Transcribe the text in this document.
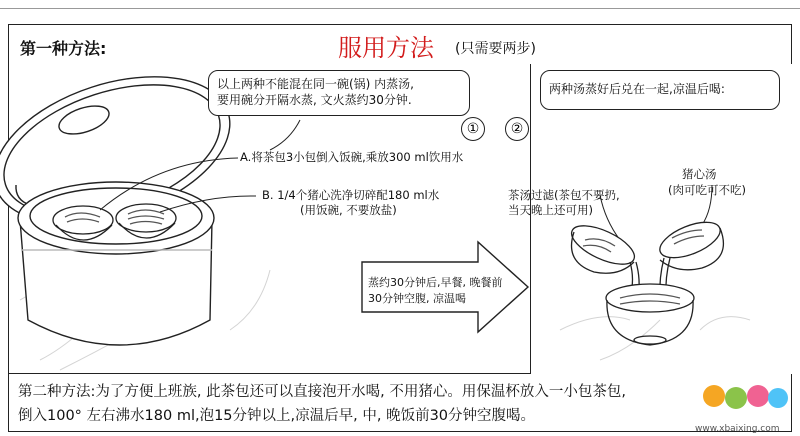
第一种方法:	服用方法 (只需要两步)
以上两种不能混在同一碗(锅) 内蒸汤,
要用碗分开隔水蒸, 文火蒸约30分钟.
A.将茶包3小包倒入饭碗,乘放300 ml饮用水
B. 1/4个猪心洗净切碎配180 ml水
(用饭碗, 不要放盐)
①	②
两种汤蒸好后兑在一起,凉温后喝:
蒸约30分钟后,早餐, 晚餐前
30分钟空腹, 凉温喝
茶汤过滤(茶包不要扔,
当天晚上还可用)
猪心汤
(肉可吃可不吃)
第二种方法:为了方便上班族, 此茶包还可以直接泡开水喝, 不用猪心。用保温杯放入一小包茶包,
倒入100° 左右沸水180 ml,泡15分钟以上,凉温后早, 中, 晚饭前30分钟空腹喝。
www.xbaixing.com
